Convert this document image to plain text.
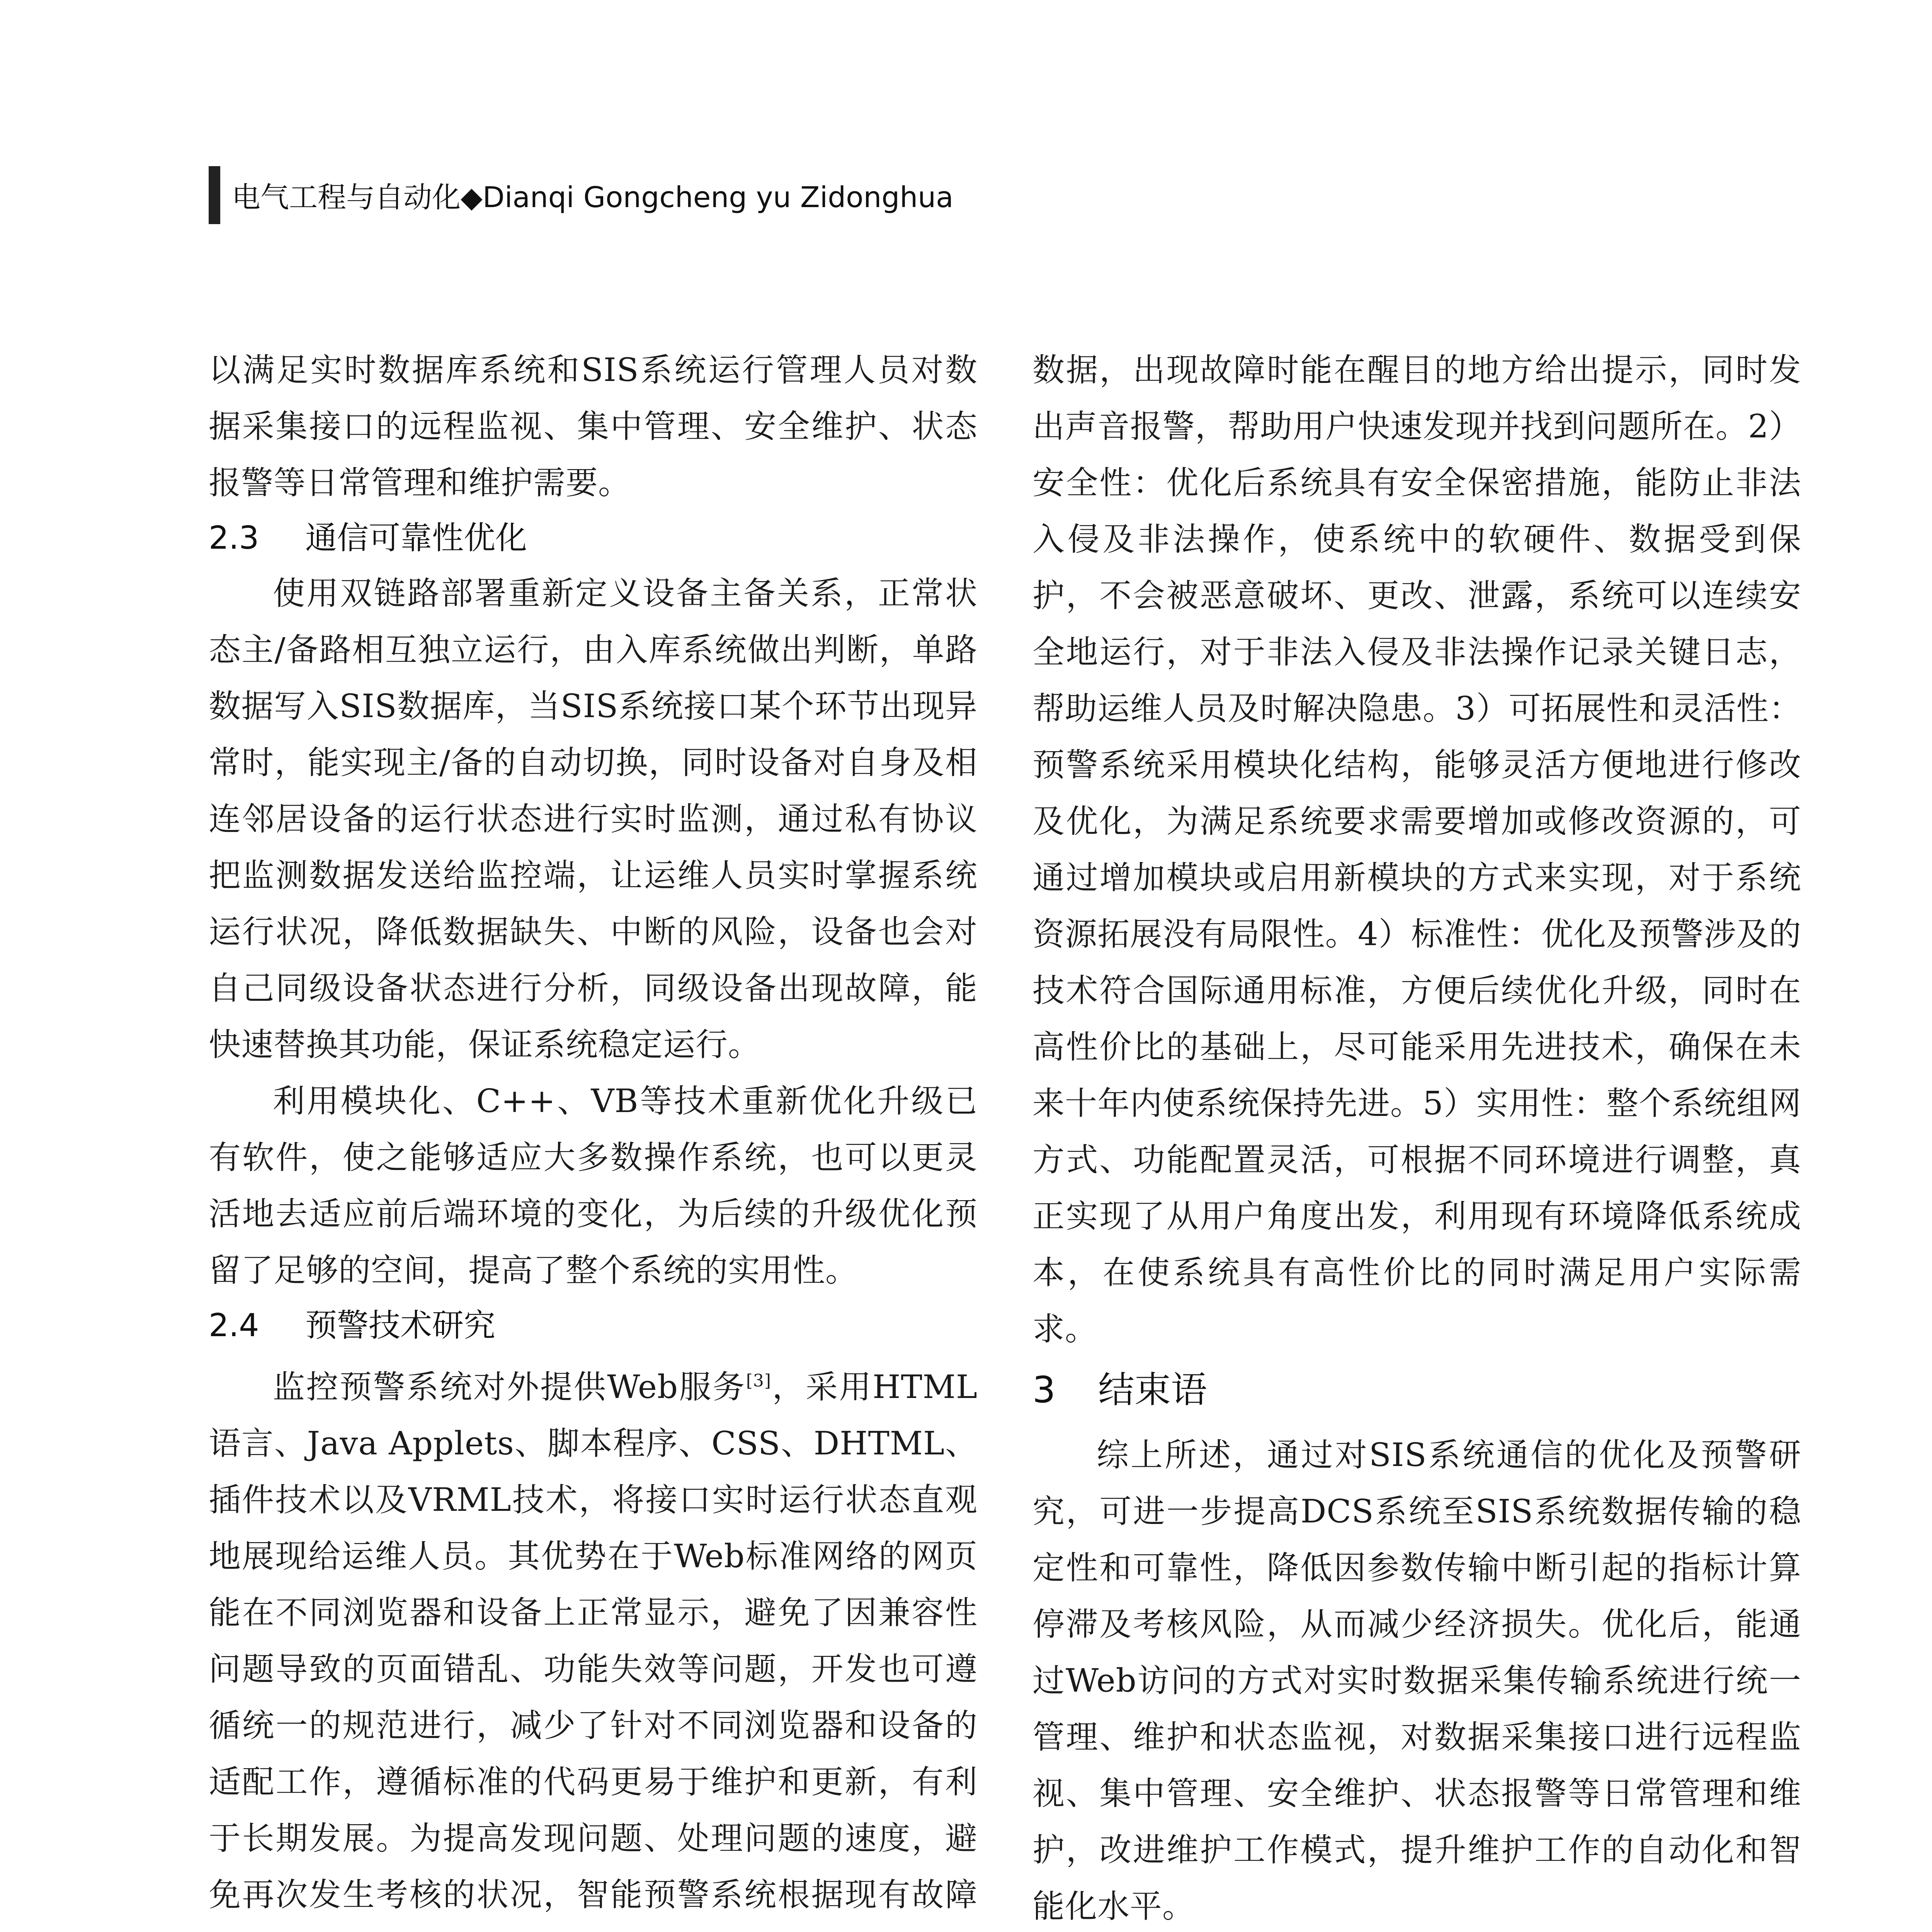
电气工程与自动化◆Dianqi Gongcheng yu Zidonghua

以满足实时数据库系统和SIS系统运行管理人员对数据采集接口的远程监视、集中管理、安全维护、状态报警等日常管理和维护需要。

2.3 通信可靠性优化

使用双链路部署重新定义设备主备关系，正常状态主/备路相互独立运行，由入库系统做出判断，单路数据写入SIS数据库，当SIS系统接口某个环节出现异常时，能实现主/备的自动切换，同时设备对自身及相连邻居设备的运行状态进行实时监测，通过私有协议把监测数据发送给监控端，让运维人员实时掌握系统运行状况，降低数据缺失、中断的风险，设备也会对自己同级设备状态进行分析，同级设备出现故障，能快速替换其功能，保证系统稳定运行。

利用模块化、C++、VB等技术重新优化升级已有软件，使之能够适应大多数操作系统，也可以更灵活地去适应前后端环境的变化，为后续的升级优化预留了足够的空间，提高了整个系统的实用性。

2.4 预警技术研究

监控预警系统对外提供Web服务[3]，采用HTML语言、Java Applets、脚本程序、CSS、DHTML、插件技术以及VRML技术，将接口实时运行状态直观地展现给运维人员。其优势在于Web标准网络的网页能在不同浏览器和设备上正常显示，避免了因兼容性问题导致的页面错乱、功能失效等问题，开发也可遵循统一的规范进行，减少了针对不同浏览器和设备的适配工作，遵循标准的代码更易于维护和更新，有利于长期发展。为提高发现问题、处理问题的速度，避免再次发生考核的状况，智能预警系统根据现有故障

数据，出现故障时能在醒目的地方给出提示，同时发出声音报警，帮助用户快速发现并找到问题所在。2）安全性：优化后系统具有安全保密措施，能防止非法入侵及非法操作，使系统中的软硬件、数据受到保护，不会被恶意破坏、更改、泄露，系统可以连续安全地运行，对于非法入侵及非法操作记录关键日志，帮助运维人员及时解决隐患。3）可拓展性和灵活性：预警系统采用模块化结构，能够灵活方便地进行修改及优化，为满足系统要求需要增加或修改资源的，可通过增加模块或启用新模块的方式来实现，对于系统资源拓展没有局限性。4）标准性：优化及预警涉及的技术符合国际通用标准，方便后续优化升级，同时在高性价比的基础上，尽可能采用先进技术，确保在未来十年内使系统保持先进。5）实用性：整个系统组网方式、功能配置灵活，可根据不同环境进行调整，真正实现了从用户角度出发，利用现有环境降低系统成本，在使系统具有高性价比的同时满足用户实际需求。

3 结束语

综上所述，通过对SIS系统通信的优化及预警研究，可进一步提高DCS系统至SIS系统数据传输的稳定性和可靠性，降低因参数传输中断引起的指标计算停滞及考核风险，从而减少经济损失。优化后，能通过Web访问的方式对实时数据采集传输系统进行统一管理、维护和状态监视，对数据采集接口进行远程监视、集中管理、安全维护、状态报警等日常管理和维护，改进维护工作模式，提升维护工作的自动化和智能化水平。
